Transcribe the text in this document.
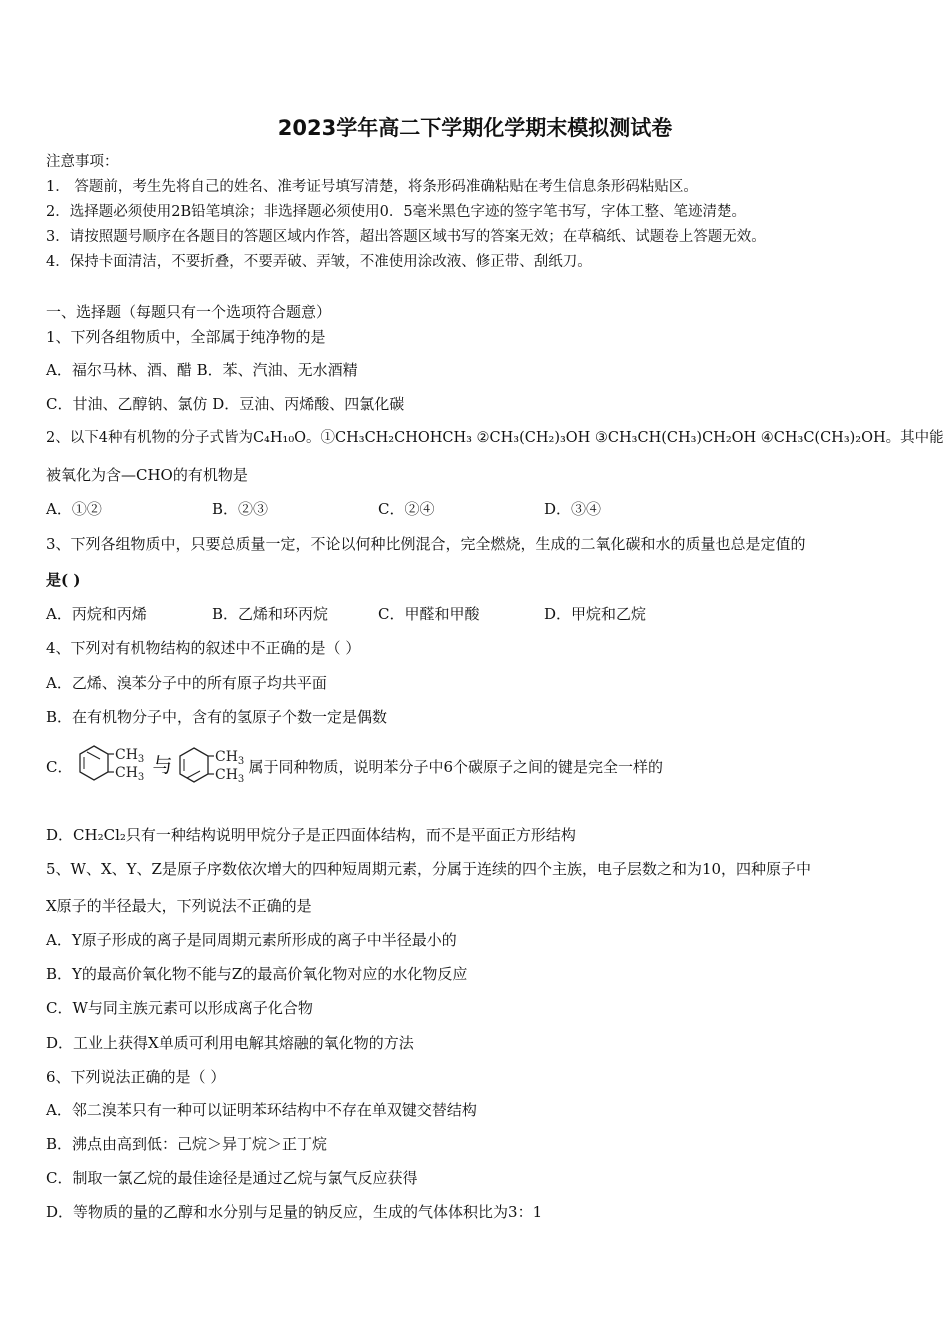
2023学年高二下学期化学期末模拟测试卷
注意事项：
1． 答题前，考生先将自己的姓名、准考证号填写清楚，将条形码准确粘贴在考生信息条形码粘贴区。
2．选择题必须使用2B铅笔填涂；非选择题必须使用0．5毫米黑色字迹的签字笔书写，字体工整、笔迹清楚。
3．请按照题号顺序在各题目的答题区域内作答，超出答题区域书写的答案无效；在草稿纸、试题卷上答题无效。
4．保持卡面清洁，不要折叠，不要弄破、弄皱，不准使用涂改液、修正带、刮纸刀。
一、选择题（每题只有一个选项符合题意）
1、下列各组物质中，全部属于纯净物的是
A．福尔马林、酒、醋 B．苯、汽油、无水酒精
C．甘油、乙醇钠、氯仿 D．豆油、丙烯酸、四氯化碳
2、以下4种有机物的分子式皆为C₄H₁₀O。①CH₃CH₂CHOHCH₃ ②CH₃(CH₂)₃OH ③CH₃CH(CH₃)CH₂OH ④CH₃C(CH₃)₂OH。其中能
被氧化为含—CHO的有机物是
A．①②	B．②③	C．②④	D．③④
3、下列各组物质中，只要总质量一定，不论以何种比例混合，完全燃烧，生成的二氧化碳和水的质量也总是定值的
是( )
A．丙烷和丙烯	B．乙烯和环丙烷	C．甲醛和甲酸	D．甲烷和乙烷
4、下列对有机物结构的叙述中不正确的是（ ）
A．乙烯、溴苯分子中的所有原子均共平面
B．在有机物分子中，含有的氢原子个数一定是偶数
C．
$CH_3$
$CH_3$
与	$CH_3$
$CH_3$
属于同种物质，说明苯分子中6个碳原子之间的键是完全一样的
D．CH₂Cl₂只有一种结构说明甲烷分子是正四面体结构，而不是平面正方形结构
5、W、X、Y、Z是原子序数依次增大的四种短周期元素，分属于连续的四个主族，电子层数之和为10，四种原子中
X原子的半径最大，下列说法不正确的是
A．Y原子形成的离子是同周期元素所形成的离子中半径最小的
B．Y的最高价氧化物不能与Z的最高价氧化物对应的水化物反应
C．W与同主族元素可以形成离子化合物
D．工业上获得X单质可利用电解其熔融的氧化物的方法
6、下列说法正确的是（ ）
A．邻二溴苯只有一种可以证明苯环结构中不存在单双键交替结构
B．沸点由高到低：己烷＞异丁烷＞正丁烷
C．制取一氯乙烷的最佳途径是通过乙烷与氯气反应获得
D．等物质的量的乙醇和水分别与足量的钠反应，生成的气体体积比为3：1
